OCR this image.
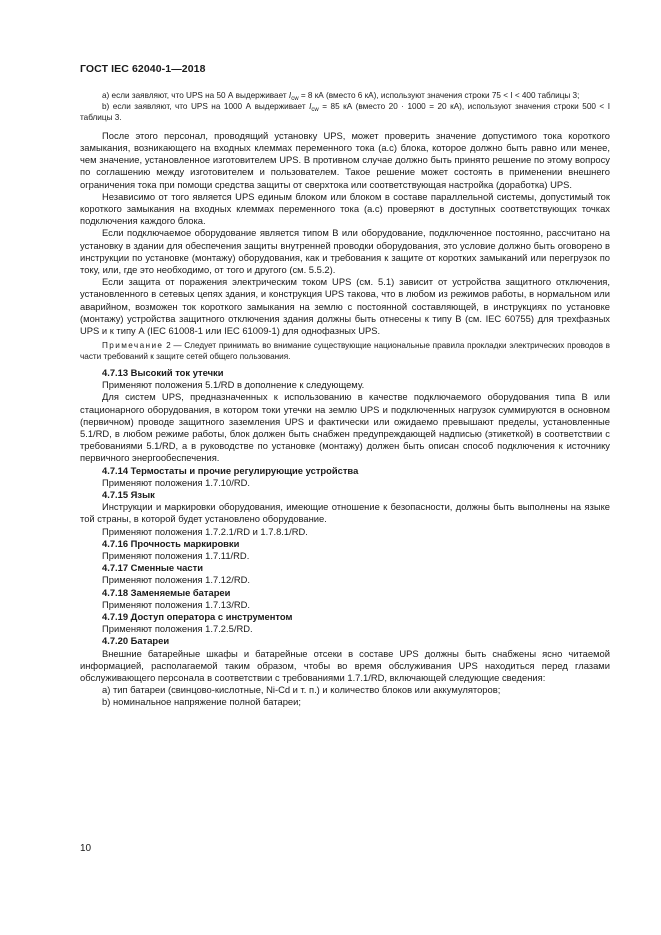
ГОСТ IEC 62040-1—2018

а) если заявляют, что UPS на 50 А выдерживает $I_{cw} = 8$ кА (вместо 6 кА), используют значения строки 75 < I < 400 таблицы 3;

b) если заявляют, что UPS на 1000 А выдерживает $I_{cw} = 85$ кА (вместо 20 · 1000 = 20 кА), используют значения строки 500 < I таблицы 3.

После этого персонал, проводящий установку UPS, может проверить значение допустимого тока короткого замыкания, возникающего на входных клеммах переменного тока (a.c) блока, которое должно быть равно или менее, чем значение, установленное изготовителем UPS. В противном случае должно быть принято решение по этому вопросу по соглашению между изготовителем и пользователем. Такое решение может состоять в применении внешнего ограничения тока при помощи средства защиты от сверхтока или соответствующая настройка (доработка) UPS.

Независимо от того является UPS единым блоком или блоком в составе параллельной системы, допустимый ток короткого замыкания на входных клеммах переменного тока (a.c) проверяют в доступных соответствующих точках подключения каждого блока.

Если подключаемое оборудование является типом В или оборудование, подключенное постоянно, рассчитано на установку в здании для обеспечения защиты внутренней проводки оборудования, это условие должно быть оговорено в инструкции по установке (монтажу) оборудования, как и требования к защите от коротких замыканий или перегрузок по току, или, где это необходимо, от того и другого (см. 5.5.2).

Если защита от поражения электрическим током UPS (см. 5.1) зависит от устройства защитного отключения, установленного в сетевых цепях здания, и конструкция UPS такова, что в любом из режимов работы, в нормальном или аварийном, возможен ток короткого замыкания на землю с постоянной составляющей, в инструкциях по установке (монтажу) устройства защитного отключения здания должны быть отнесены к типу В (см. IEC 60755) для трехфазных UPS и к типу А (IEC 61008-1 или IEC 61009-1) для однофазных UPS.

Примечание 2 — Следует принимать во внимание существующие национальные правила прокладки электрических проводов в части требований к защите сетей общего пользования.

4.7.13 Высокий ток утечки

Применяют положения 5.1/RD в дополнение к следующему.

Для систем UPS, предназначенных к использованию в качестве подключаемого оборудования типа В или стационарного оборудования, в котором токи утечки на землю UPS и подключенных нагрузок суммируются в основном (первичном) проводе защитного заземления UPS и фактически или ожидаемо превышают пределы, установленные 5.1/RD, в любом режиме работы, блок должен быть снабжен предупреждающей надписью (этикеткой) в соответствии с требованиями 5.1/RD, а в руководстве по установке (монтажу) должен быть описан способ подключения к источнику первичного энергообеспечения.

4.7.14 Термостаты и прочие регулирующие устройства

Применяют положения 1.7.10/RD.

4.7.15 Язык

Инструкции и маркировки оборудования, имеющие отношение к безопасности, должны быть выполнены на языке той страны, в которой будет установлено оборудование.

Применяют положения 1.7.2.1/RD и 1.7.8.1/RD.

4.7.16 Прочность маркировки

Применяют положения 1.7.11/RD.

4.7.17 Сменные части

Применяют положения 1.7.12/RD.

4.7.18 Заменяемые батареи

Применяют положения 1.7.13/RD.

4.7.19 Доступ оператора с инструментом

Применяют положения 1.7.2.5/RD.

4.7.20 Батареи

Внешние батарейные шкафы и батарейные отсеки в составе UPS должны быть снабжены ясно читаемой информацией, располагаемой таким образом, чтобы во время обслуживания UPS находиться перед глазами обслуживающего персонала в соответствии с требованиями 1.7.1/RD, включающей следующие сведения:

a) тип батареи (свинцово-кислотные, Ni-Cd и т. п.) и количество блоков или аккумуляторов;

b) номинальное напряжение полной батареи;

10
